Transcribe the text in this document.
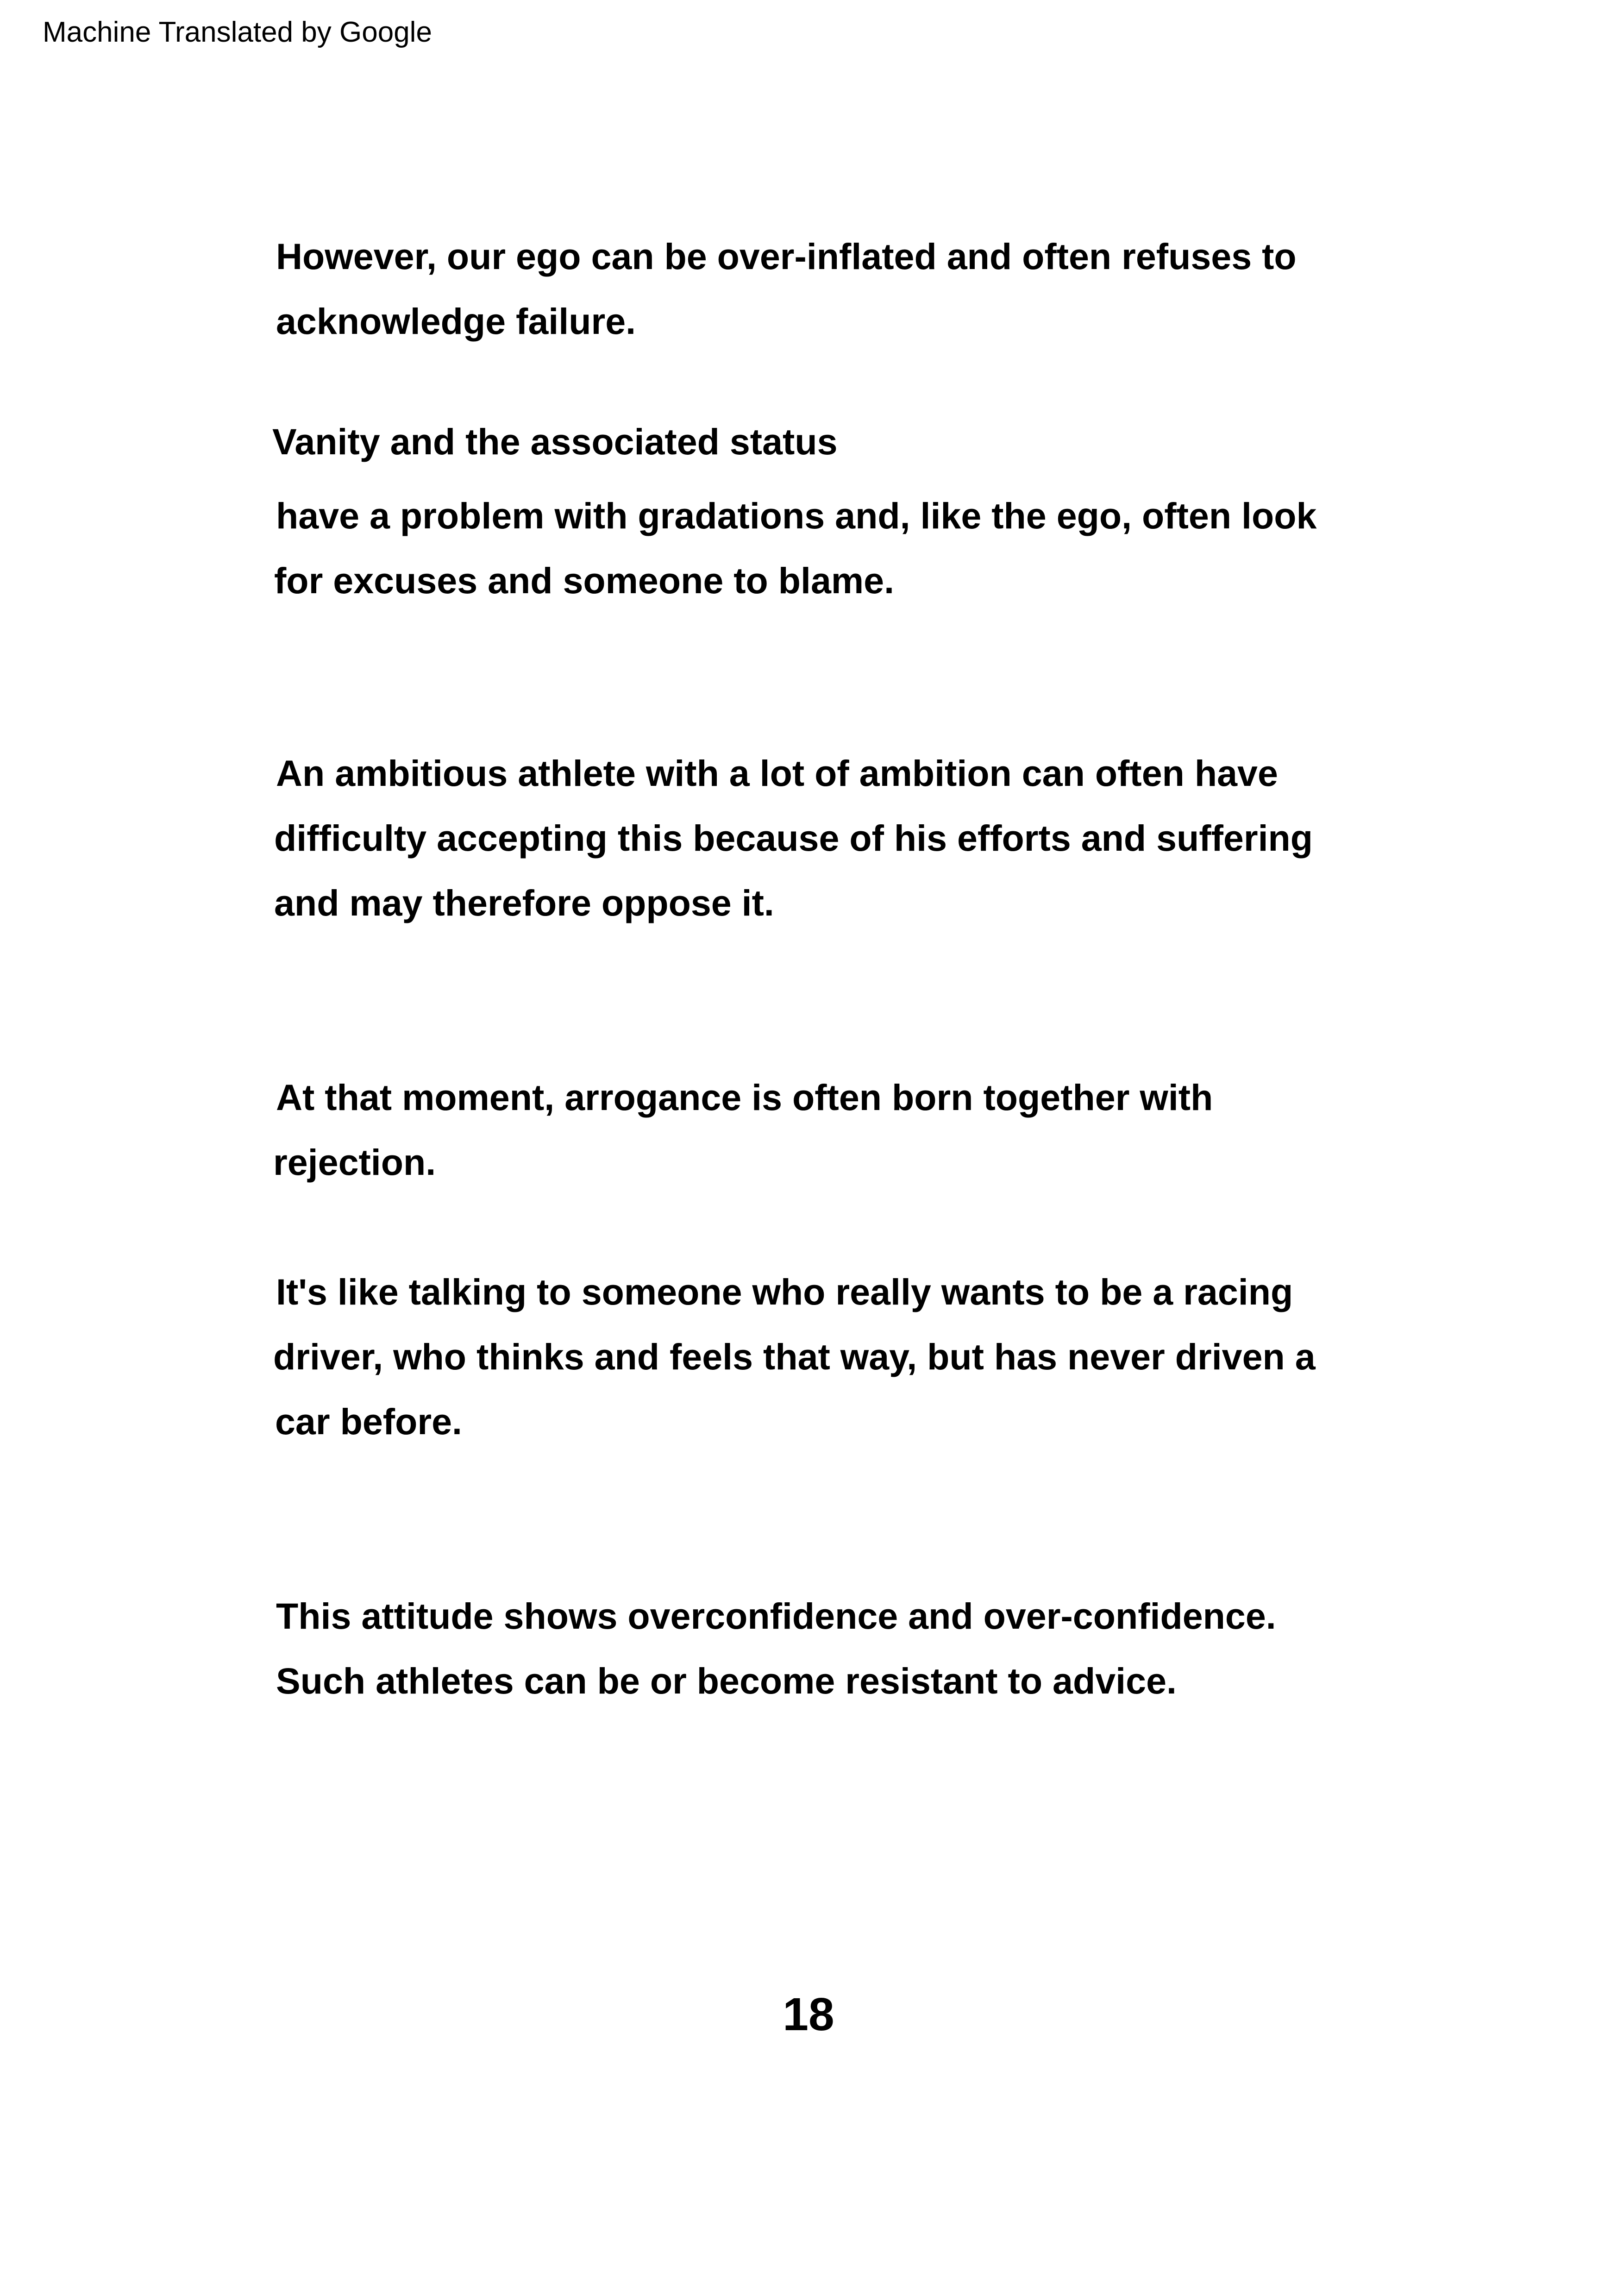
Machine Translated by Google
However, our ego can be over-inflated and often refuses to
acknowledge failure.
Vanity and the associated status
have a problem with gradations and, like the ego, often look
for excuses and someone to blame.
An ambitious athlete with a lot of ambition can often have
difficulty accepting this because of his efforts and suffering
and may therefore oppose it.
At that moment, arrogance is often born together with
rejection.
It's like talking to someone who really wants to be a racing
driver, who thinks and feels that way, but has never driven a
car before.
This attitude shows overconfidence and over-confidence.
Such athletes can be or become resistant to advice.
18
